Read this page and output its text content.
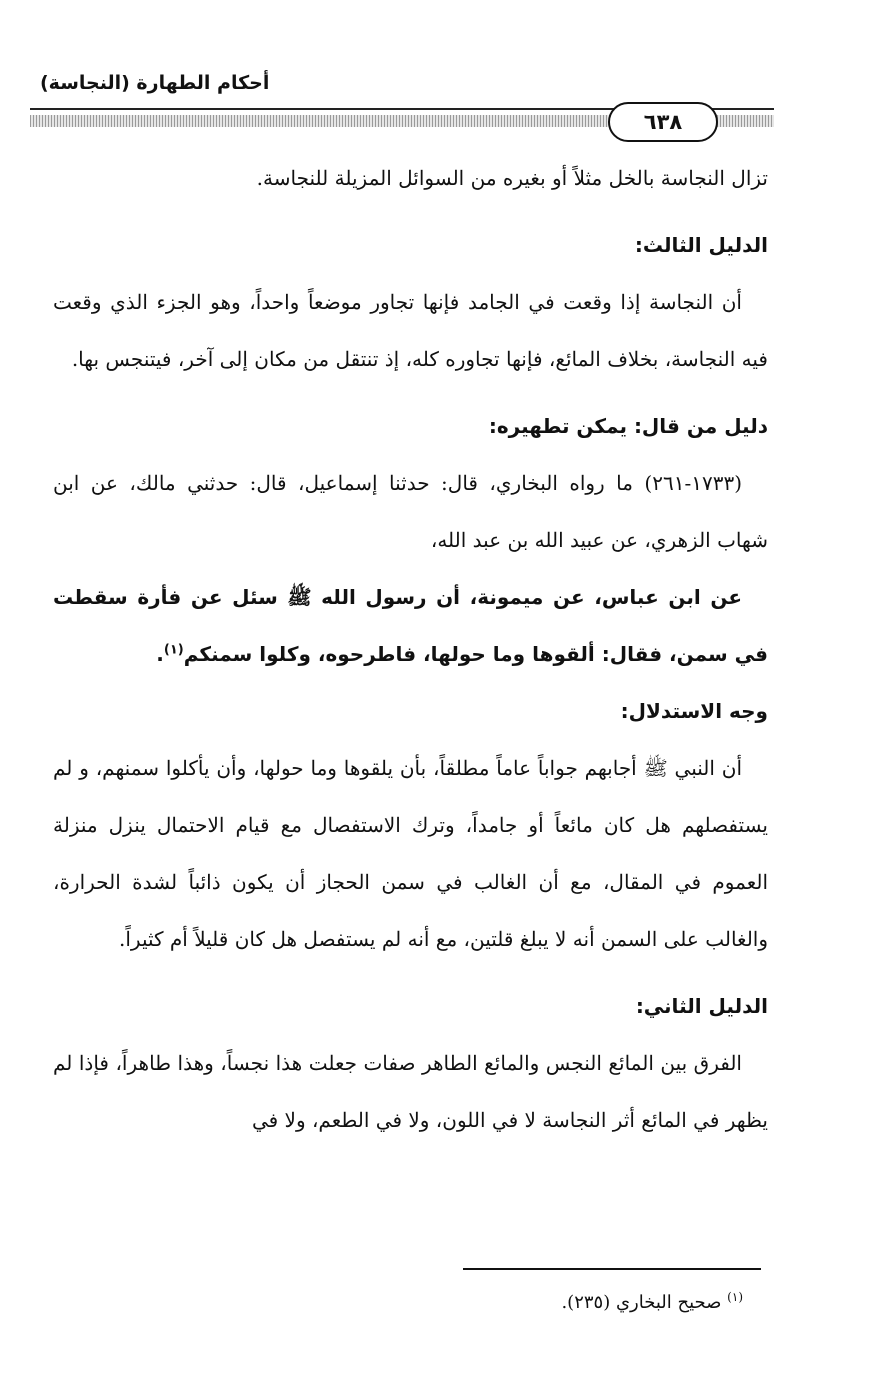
أحكام الطهارة (النجاسة)
٦٣٨

تزال النجاسة بالخل مثلاً أو بغيره من السوائل المزيلة للنجاسة.

الدليل الثالث:

أن النجاسة إذا وقعت في الجامد فإنها تجاور موضعاً واحداً، وهو الجزء الذي وقعت فيه النجاسة، بخلاف المائع، فإنها تجاوره كله، إذ تنتقل من مكان إلى آخر، فيتنجس بها.

دليل من قال: يمكن تطهيره:

(١٧٣٣-٢٦١) ما رواه البخاري، قال: حدثنا إسماعيل، قال: حدثني مالك، عن ابن شهاب الزهري، عن عبيد الله بن عبد الله،

عن ابن عباس، عن ميمونة، أن رسول الله ﷺ سئل عن فأرة سقطت في سمن، فقال: ألقوها وما حولها، فاطرحوه، وكلوا سمنكم$^{(١)}$.

وجه الاستدلال:

أن النبي ﷺ أجابهم جواباً عاماً مطلقاً، بأن يلقوها وما حولها، وأن يأكلوا سمنهم، و لم يستفصلهم هل كان مائعاً أو جامداً، وترك الاستفصال مع قيام الاحتمال ينزل منزلة العموم في المقال، مع أن الغالب في سمن الحجاز أن يكون ذائباً لشدة الحرارة، والغالب على السمن أنه لا يبلغ قلتين، مع أنه لم يستفصل هل كان قليلاً أم كثيراً.

الدليل الثاني:

الفرق بين المائع النجس والمائع الطاهر صفات جعلت هذا نجساً، وهذا طاهراً، فإذا لم يظهر في المائع أثر النجاسة لا في اللون، ولا في الطعم، ولا في

$^{(١)}$ صحيح البخاري (٢٣٥).
